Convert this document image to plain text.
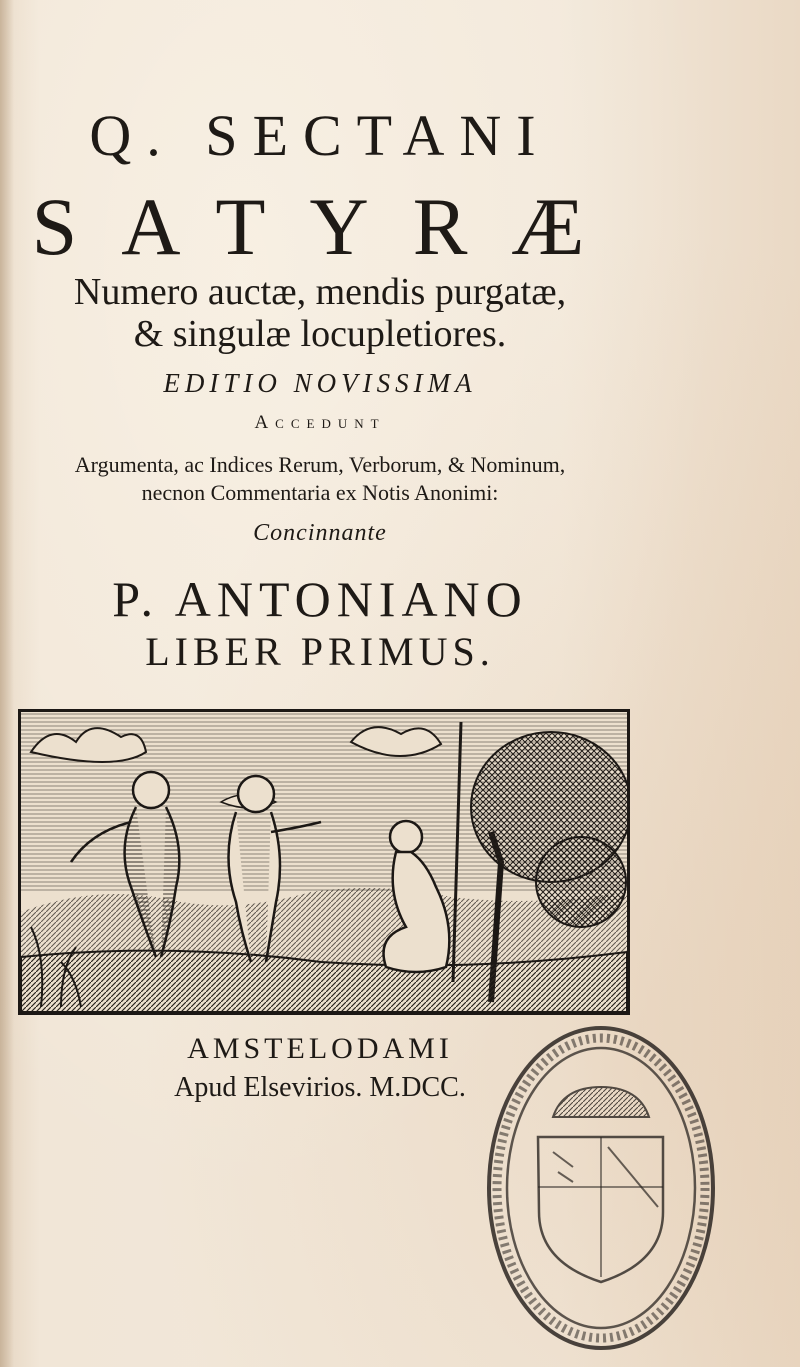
Q. SECTANI
SATYRÆ
Numero auctæ, mendis purgatæ,
& singulæ locupletiores.
EDITIO NOVISSIMA
Accedunt
Argumenta, ac Indices Rerum, Verborum, & Nominum,
necnon Commentaria ex Notis Anonimi:
Concinnante
P. ANTONIANO
LIBER PRIMUS.
AMSTELODAMI
Apud Elsevirios. M.DCC.
